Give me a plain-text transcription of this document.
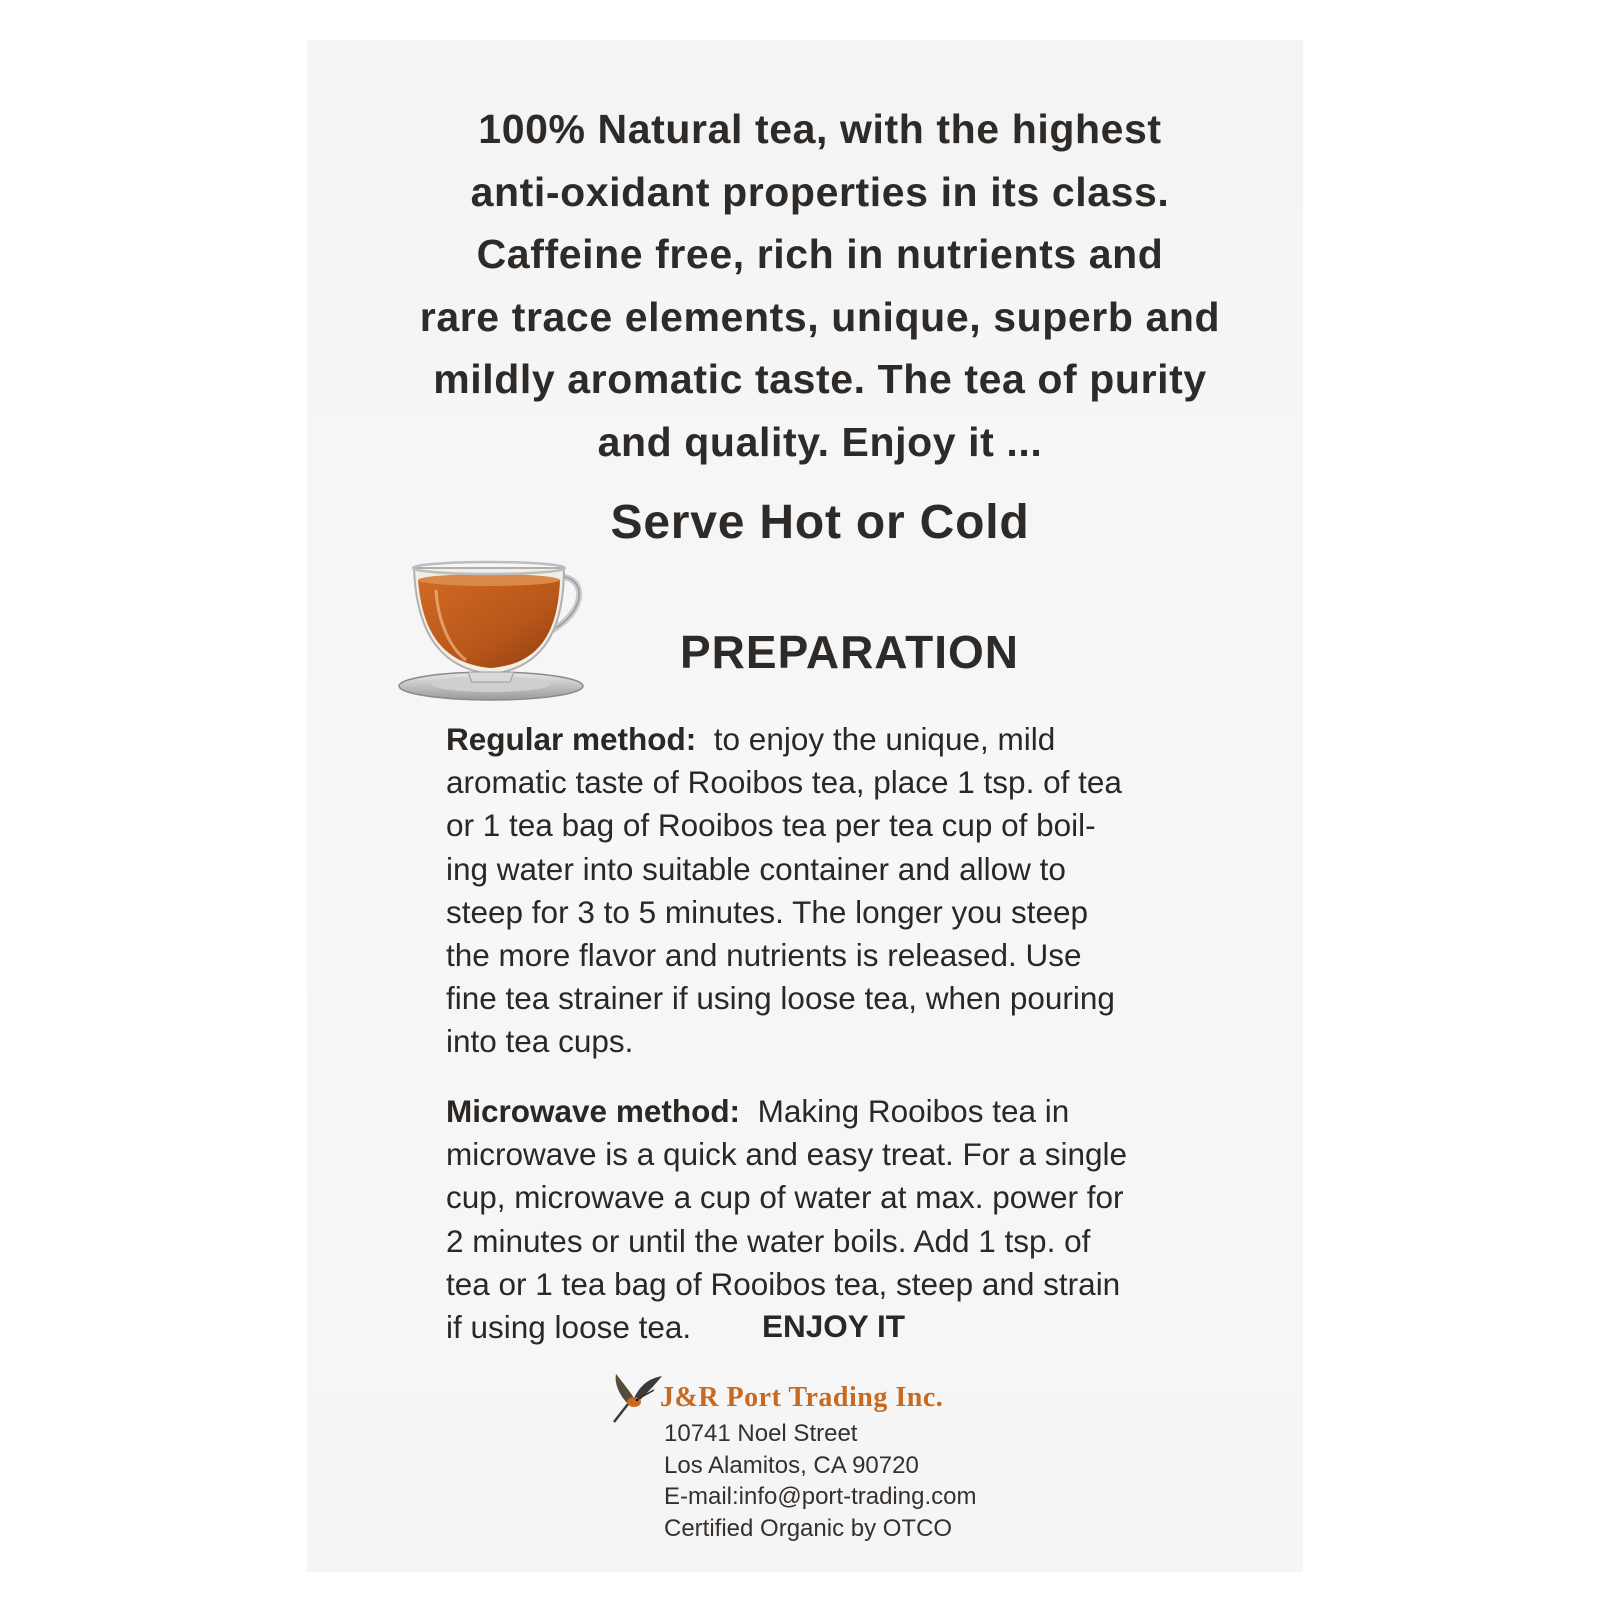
100% Natural tea, with the highest
anti-oxidant properties in its class.
Caffeine free, rich in nutrients and
rare trace elements, unique, superb and
mildly aromatic taste. The tea of purity
and quality. Enjoy it ...
Serve Hot or Cold
PREPARATION
Regular method: to enjoy the unique, mild
aromatic taste of Rooibos tea, place 1 tsp. of tea
or 1 tea bag of Rooibos tea per tea cup of boil-
ing water into suitable container and allow to
steep for 3 to 5 minutes. The longer you steep
the more flavor and nutrients is released. Use
fine tea strainer if using loose tea, when pouring
into tea cups.
Microwave method: Making Rooibos tea in
microwave is a quick and easy treat. For a single
cup, microwave a cup of water at max. power for
2 minutes or until the water boils. Add 1 tsp. of
tea or 1 tea bag of Rooibos tea, steep and strain
if using loose tea.	ENJOY IT
J&R Port Trading Inc.
10741 Noel Street
Los Alamitos, CA 90720
E-mail:info@port-trading.com
Certified Organic by OTCO
